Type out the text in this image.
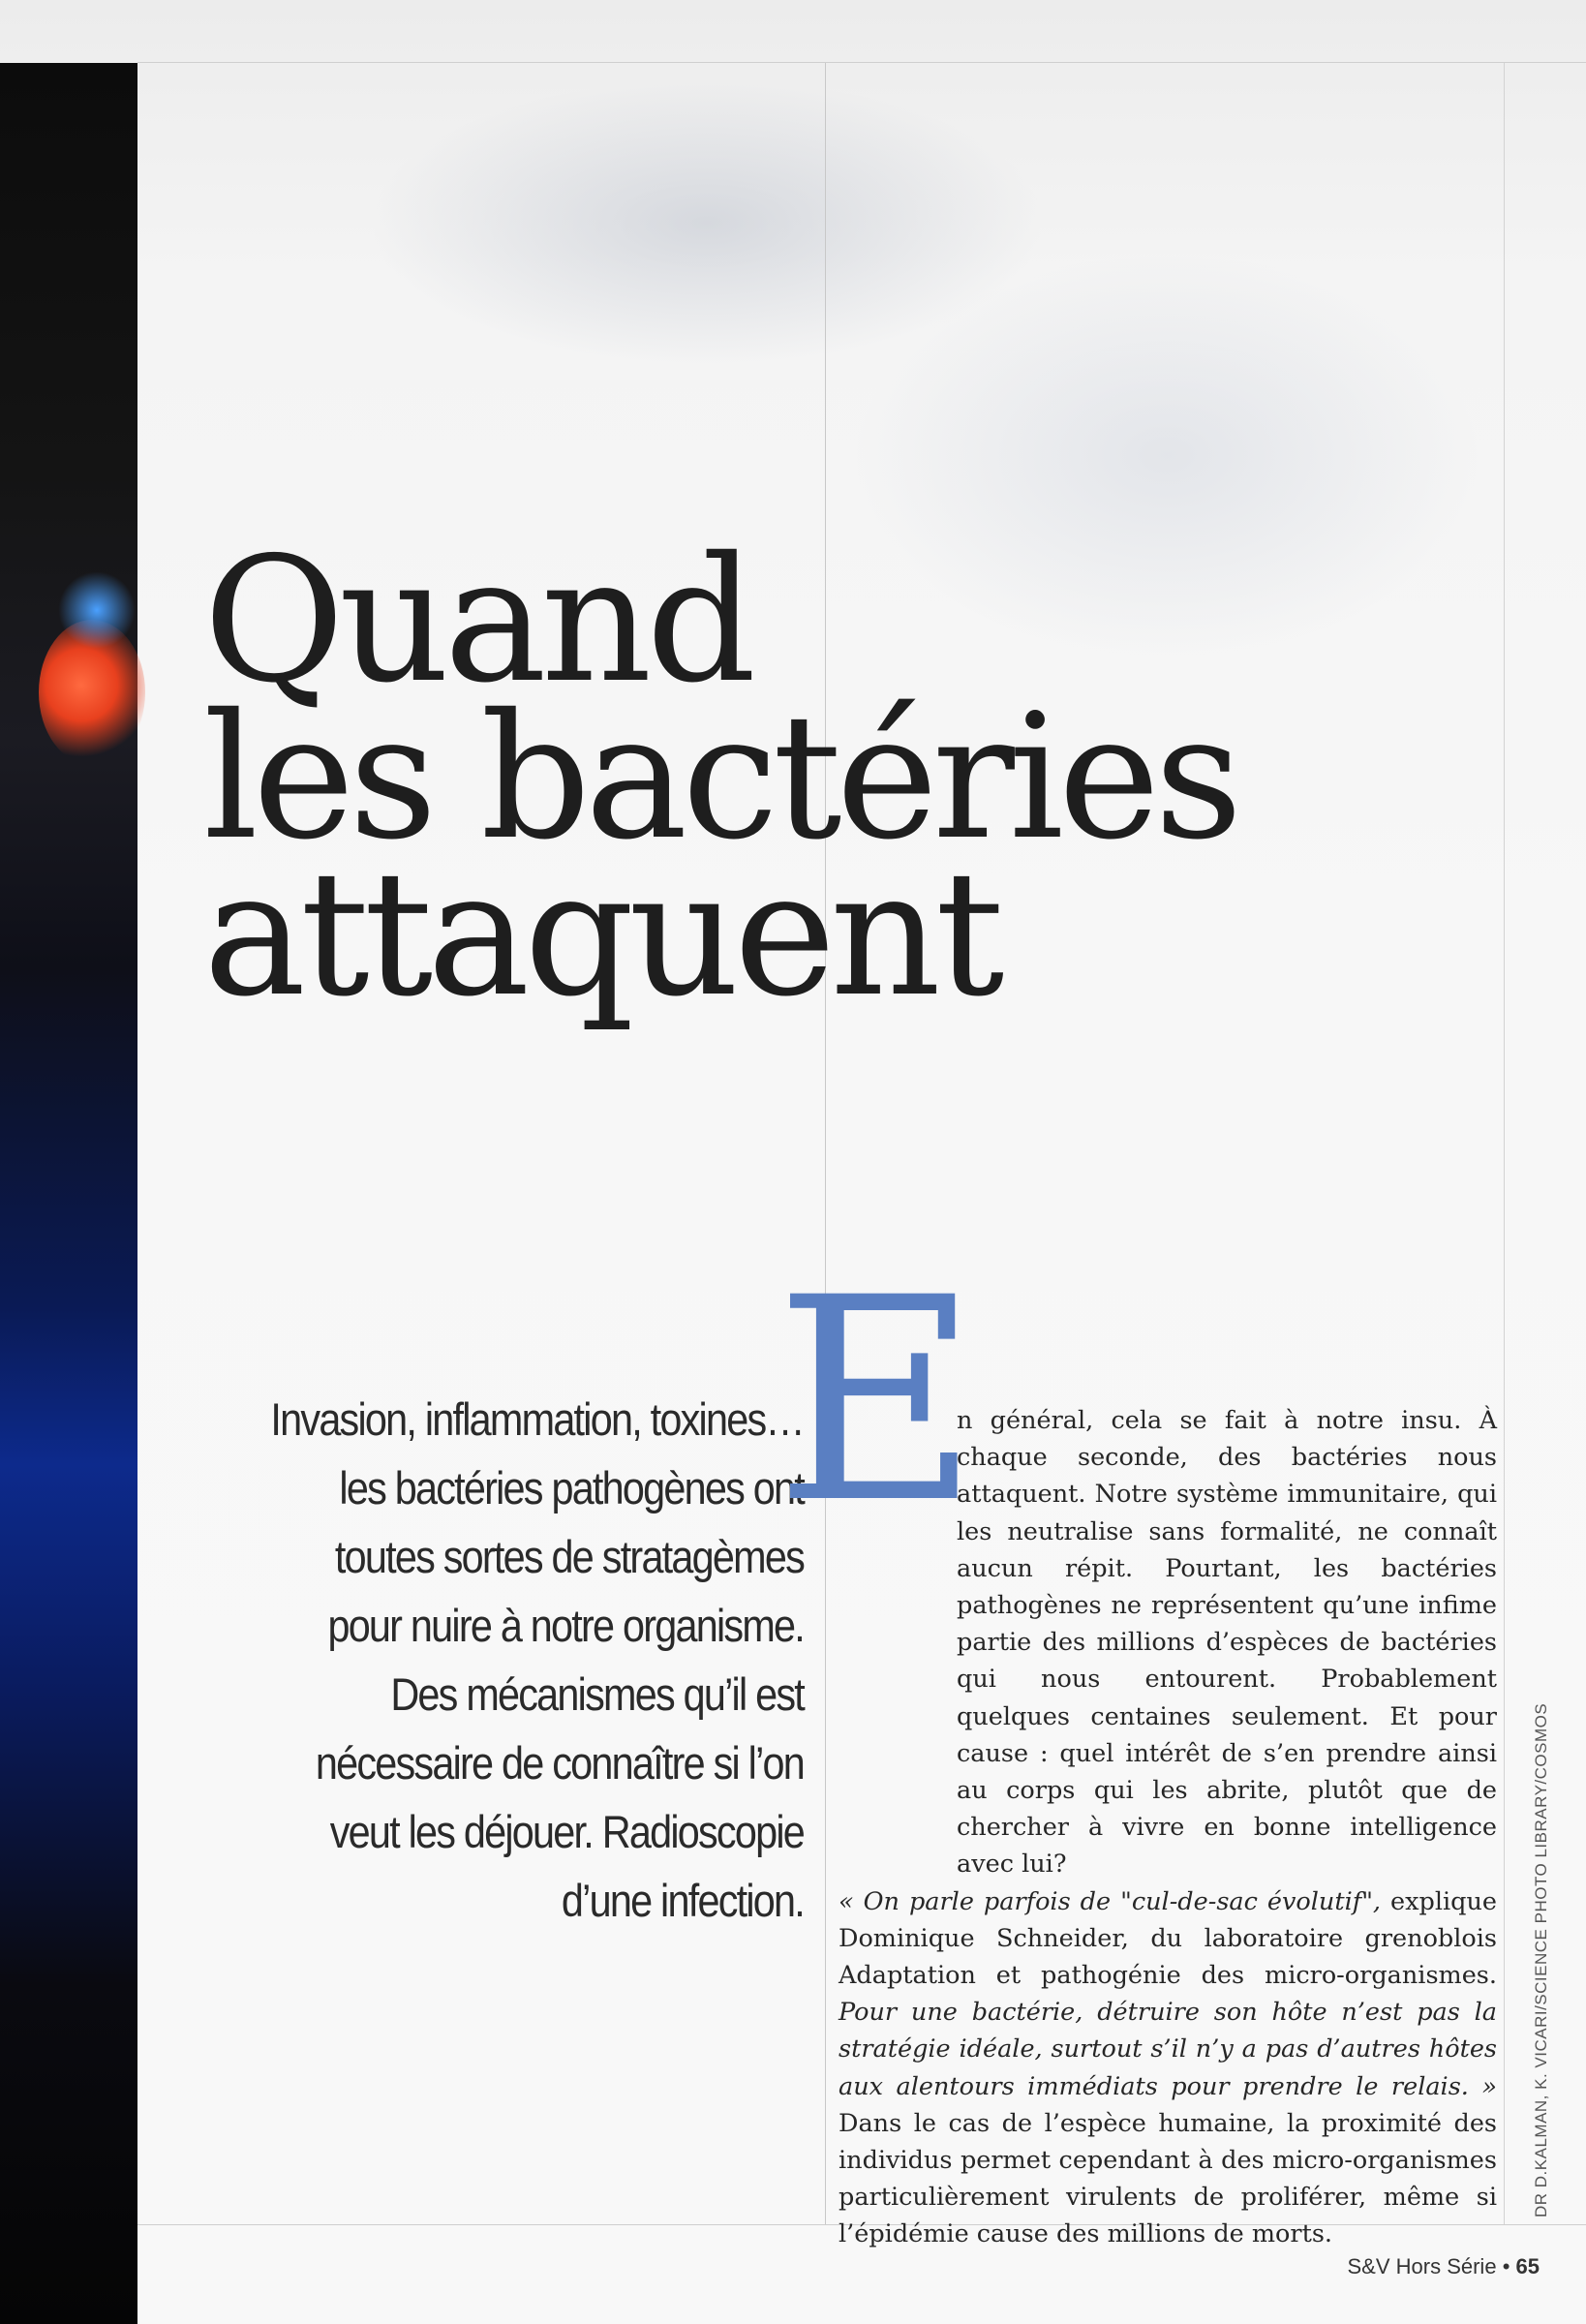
Quand
les bactéries
attaquent

Invasion, inflammation, toxines… les bactéries pathogènes ont toutes sortes de stratagèmes pour nuire à notre organisme. Des mécanismes qu’il est nécessaire de connaître si l’on veut les déjouer. Radioscopie d’une infection.

E

n général, cela se fait à notre insu. À chaque seconde, des bactéries nous attaquent. Notre système immunitaire, qui les neutralise sans formalité, ne connaît aucun répit. Pourtant, les bactéries pathogènes ne représentent qu’une infime partie des millions d’espèces de bactéries qui nous entourent. Probablement quelques centaines seulement. Et pour cause : quel intérêt de s’en prendre ainsi au corps qui les abrite, plutôt que de chercher à vivre en bonne intelligence avec lui?
« On parle parfois de "cul-de-sac évolutif", explique Dominique Schneider, du laboratoire grenoblois Adaptation et pathogénie des micro-organismes. Pour une bactérie, détruire son hôte n’est pas la stratégie idéale, surtout s’il n’y a pas d’autres hôtes aux alentours immédiats pour prendre le relais. » Dans le cas de l’espèce humaine, la proximité des individus permet cependant à des micro-organismes particulièrement virulents de proliférer, même si l’épidémie cause des millions de morts.

DR D.KALMAN, K. VICARI/SCIENCE PHOTO LIBRARY/COSMOS
S&V Hors Série • 65
